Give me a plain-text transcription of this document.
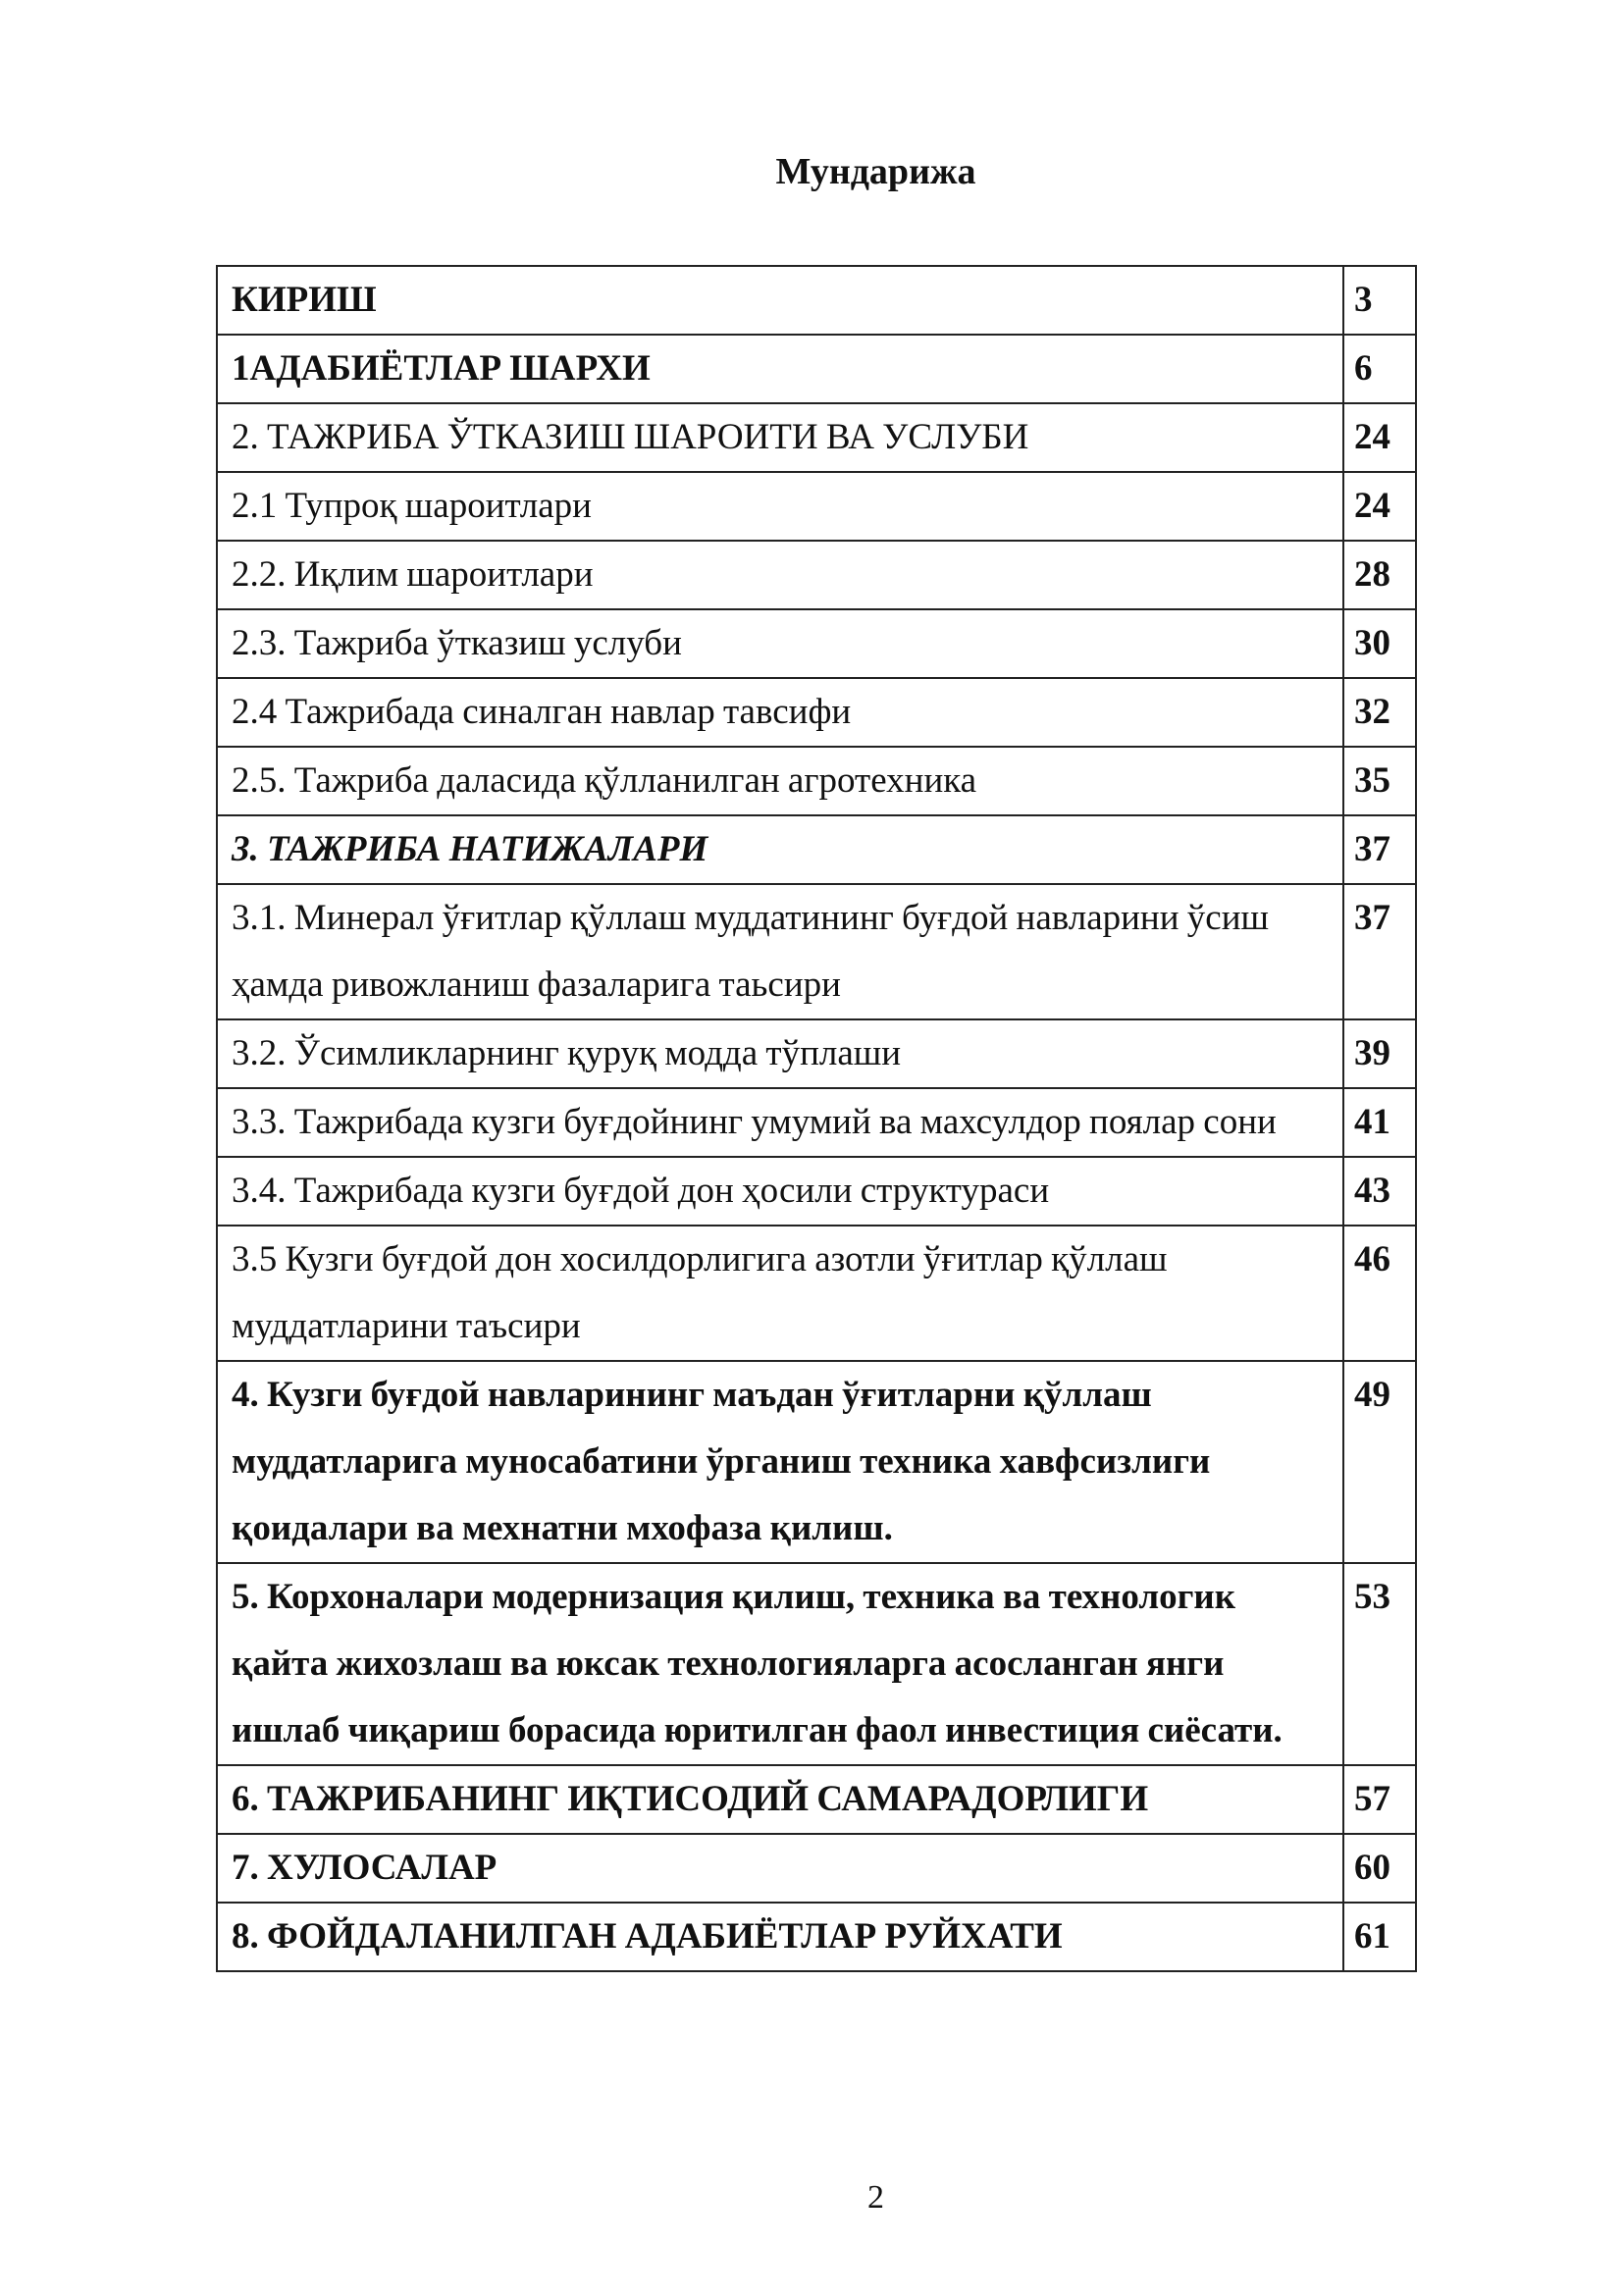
Мундарижа
КИРИШ	3
1АДАБИЁТЛАР ШАРХИ	6
2. ТАЖРИБА ЎТКАЗИШ ШАРОИТИ ВА УСЛУБИ	24
2.1 Тупроқ шароитлари	24
2.2. Иқлим шароитлари	28
2.3. Тажриба ўтказиш услуби	30
2.4 Тажрибада синалган навлар тавсифи	32
2.5. Тажриба даласида қўлланилган агротехника	35
3. ТАЖРИБА НАТИЖАЛАРИ	37
3.1. Минерал ўғитлар қўллаш муддатининг буғдой навларини ўсиш ҳамда ривожланиш фазаларига таьсири	37
3.2. Ўсимликларнинг қуруқ модда тўплаши	39
3.3. Тажрибада кузги буғдойнинг умумий ва махсулдор поялар сони	41
3.4. Тажрибада кузги буғдой дон ҳосили структураси	43
3.5 Кузги буғдой дон хосилдорлигига азотли ўғитлар қўллаш муддатларини таъсири	46
4. Кузги буғдой навларининг маъдан ўғитларни қўллаш муддатларига муносабатини ўрганиш техника хавфсизлиги қоидалари ва мехнатни мхофаза қилиш.	49
5. Корхоналари модернизация қилиш, техника ва технологик қайта жихозлаш ва юксак технологияларга асосланган янги ишлаб чиқариш борасида юритилган фаол инвестиция сиёсати.	53
6. ТАЖРИБАНИНГ ИҚТИСОДИЙ САМАРАДОРЛИГИ	57
7. ХУЛОСАЛАР	60
8. ФОЙДАЛАНИЛГАН АДАБИЁТЛАР РУЙХАТИ	61
2
